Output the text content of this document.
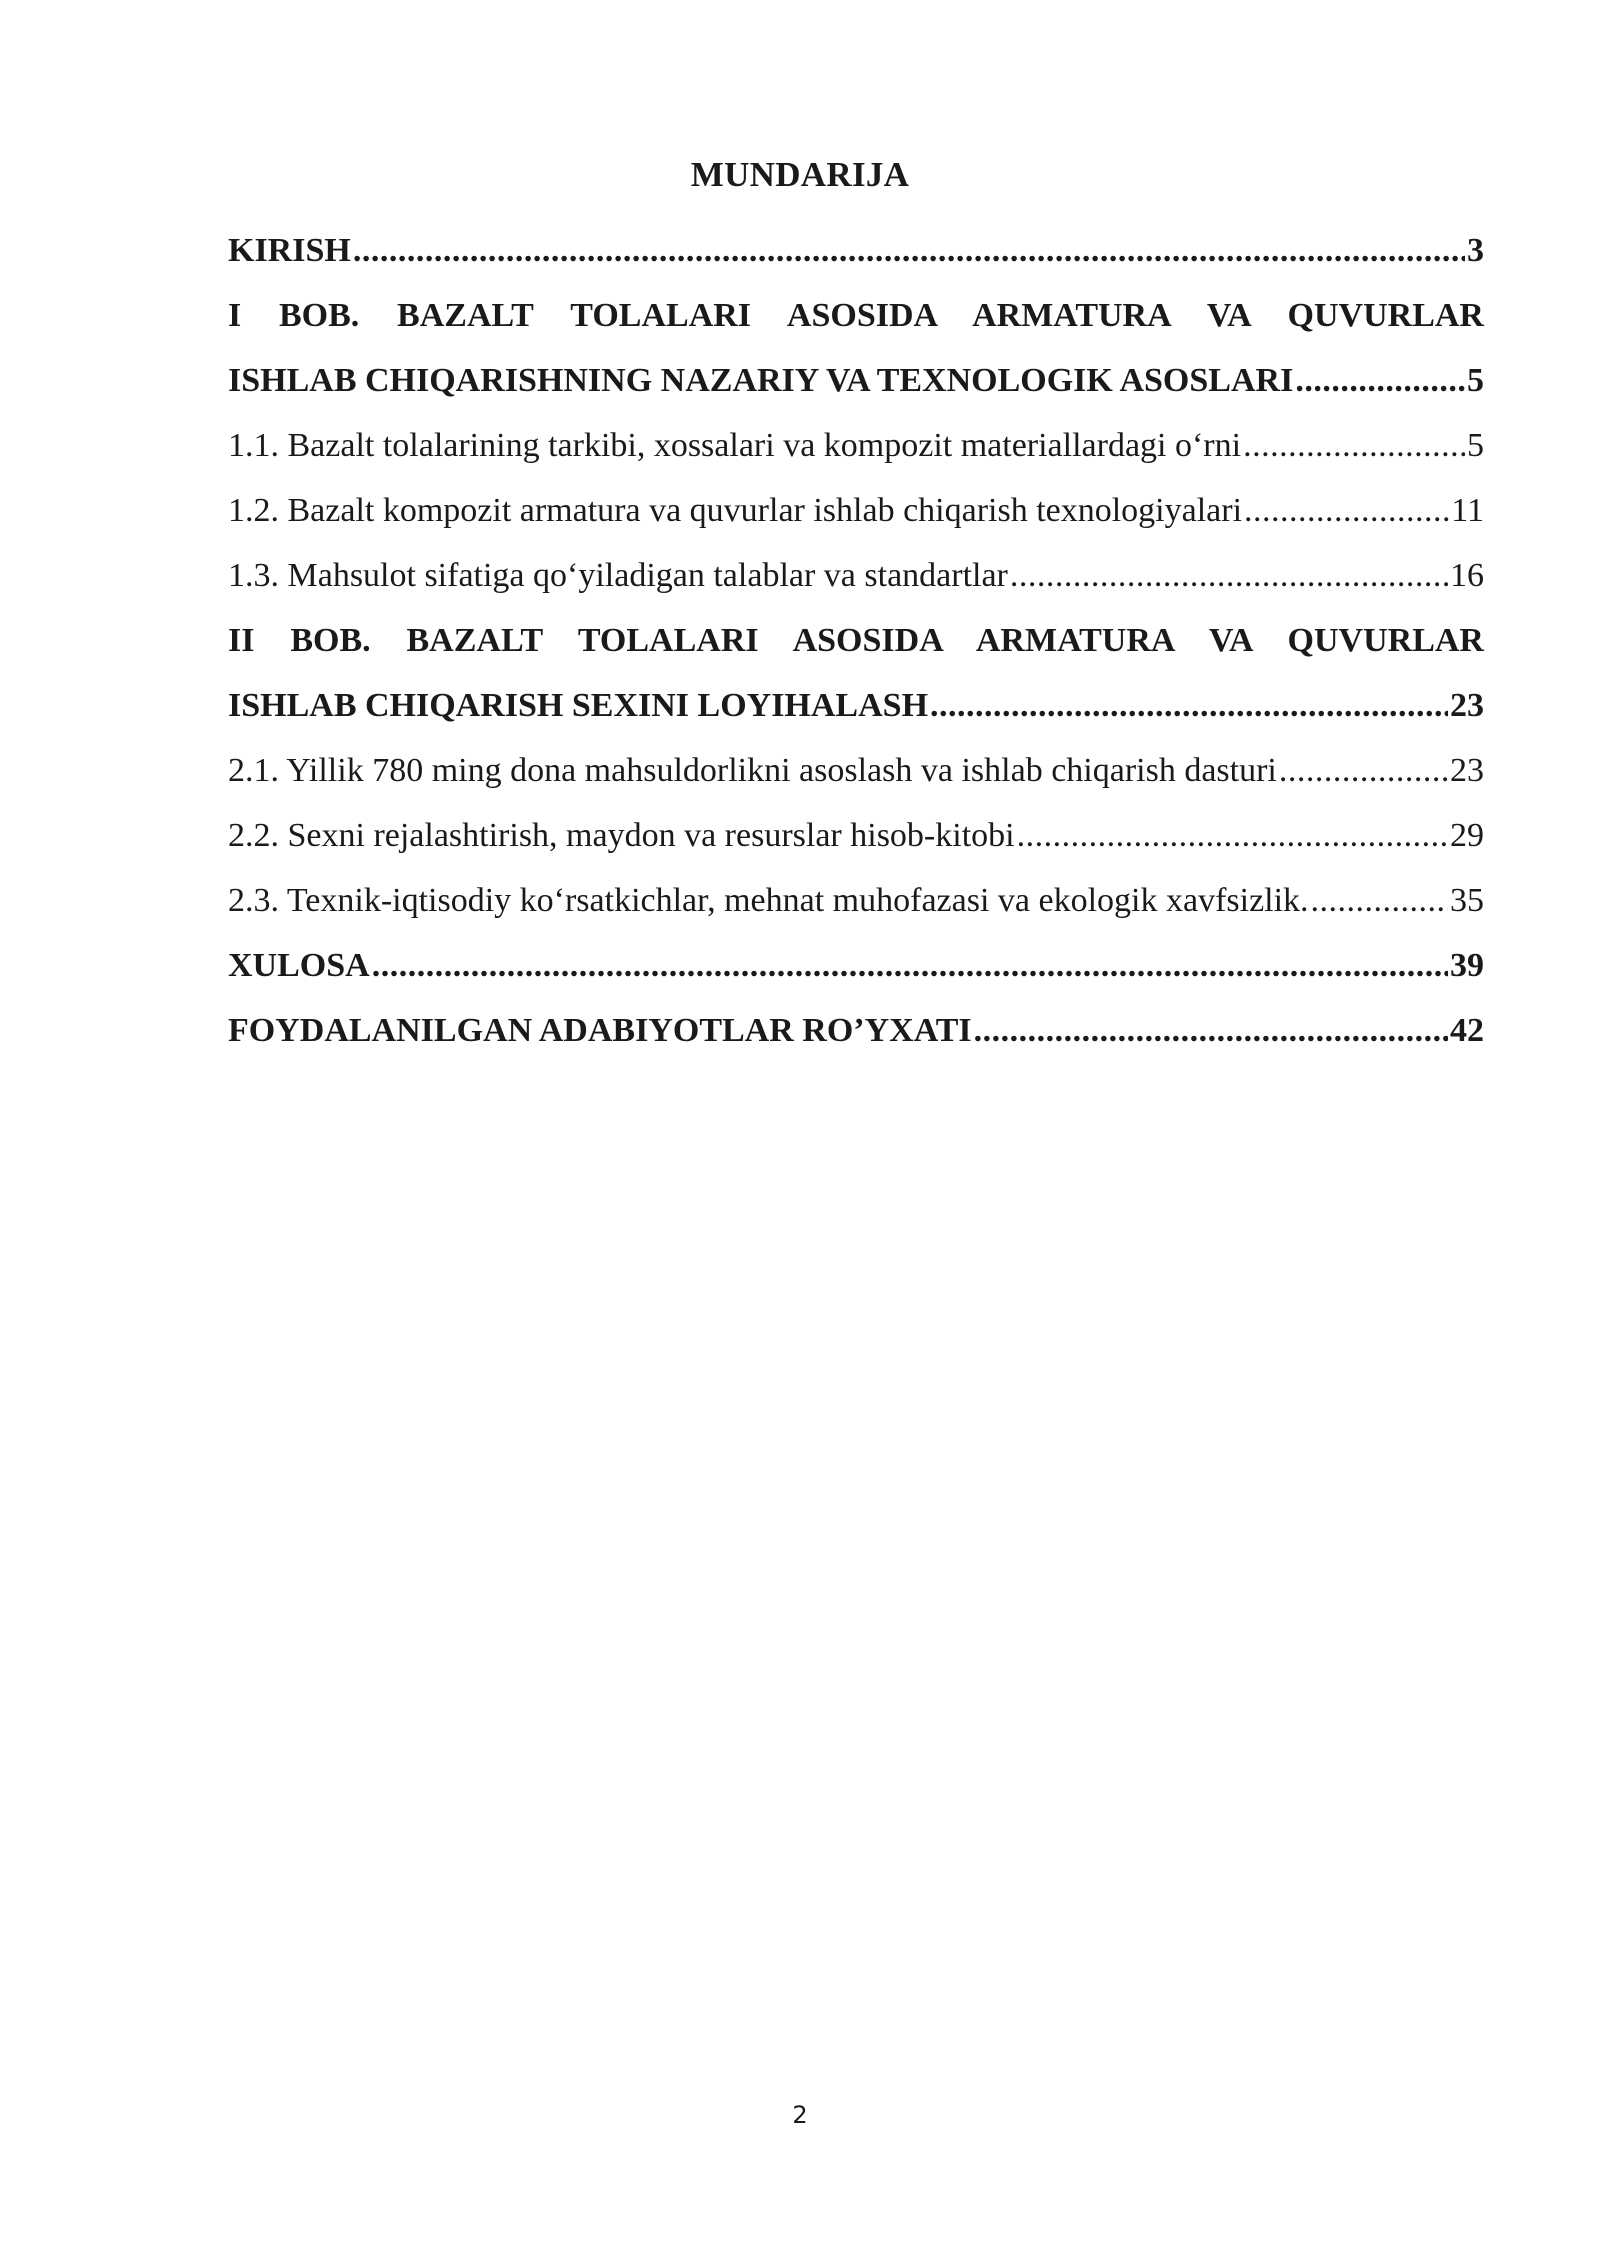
MUNDARIJA
KIRISH .....	3
I BOB. BAZALT TOLALARI ASOSIDA ARMATURA VA QUVURLAR
ISHLAB CHIQARISHNING NAZARIY VA TEXNOLOGIK ASOSLARI .....	5
1.1. Bazalt tolalarining tarkibi, xossalari va kompozit materiallardagi o‘rni .....	5
1.2. Bazalt kompozit armatura va quvurlar ishlab chiqarish texnologiyalari .....	11
1.3. Mahsulot sifatiga qo‘yiladigan talablar va standartlar .....	16
II BOB. BAZALT TOLALARI ASOSIDA ARMATURA VA QUVURLAR
ISHLAB CHIQARISH SEXINI LOYIHALASH .....	23
2.1. Yillik 780 ming dona mahsuldorlikni asoslash va ishlab chiqarish dasturi .....	23
2.2. Sexni rejalashtirish, maydon va resurslar hisob-kitobi .....	29
2.3. Texnik-iqtisodiy ko‘rsatkichlar, mehnat muhofazasi va ekologik xavfsizlik. .....	35
XULOSA .....	39
FOYDALANILGAN ADABIYOTLAR RO’YXATI .....	42
2
